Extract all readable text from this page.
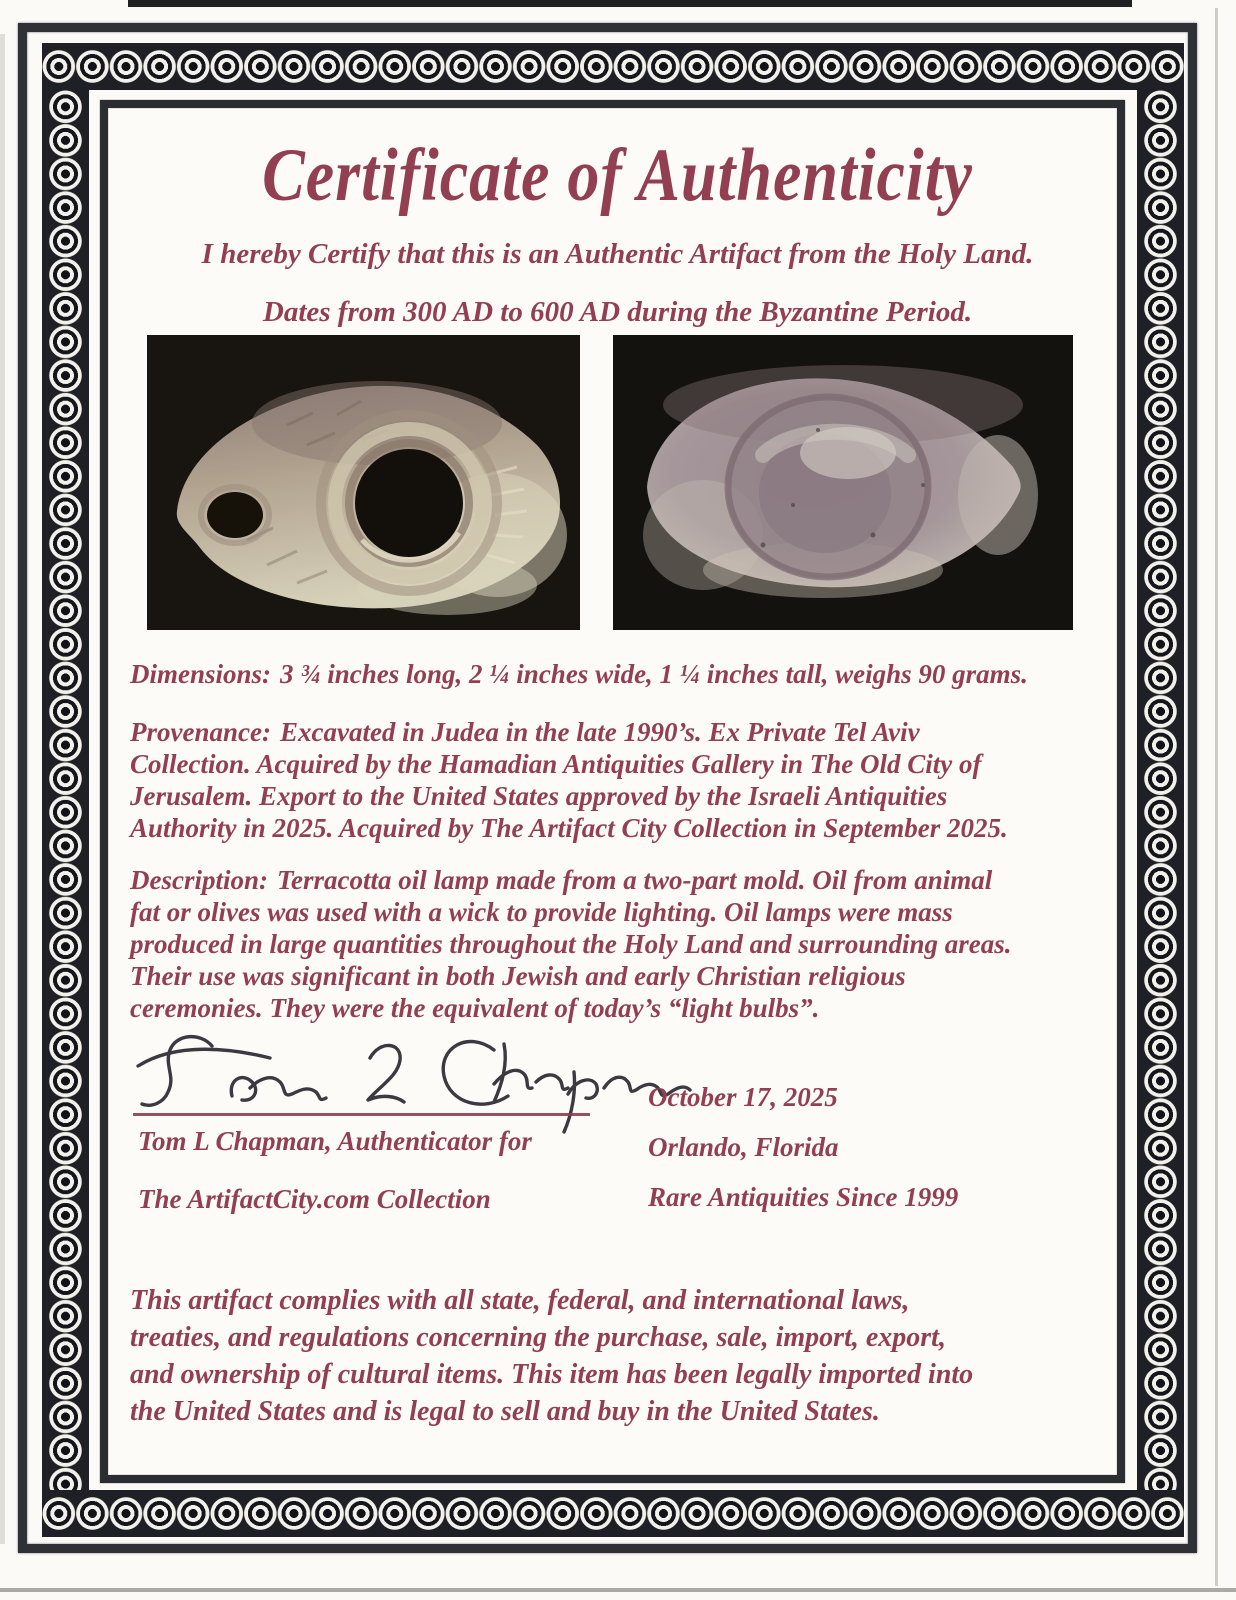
Certificate of Authenticity
I hereby Certify that this is an Authentic Artifact from the Holy Land.
Dates from 300 AD to 600 AD during the Byzantine Period.
Dimensions: 3 ¾ inches long, 2 ¼ inches wide, 1 ¼ inches tall, weighs 90 grams.
Provenance: Excavated in Judea in the late 1990’s. Ex Private Tel Aviv
Collection. Acquired by the Hamadian Antiquities Gallery in The Old City of
Jerusalem. Export to the United States approved by the Israeli Antiquities
Authority in 2025. Acquired by The Artifact City Collection in September 2025.
Description: Terracotta oil lamp made from a two-part mold. Oil from animal
fat or olives was used with a wick to provide lighting. Oil lamps were mass
produced in large quantities throughout the Holy Land and surrounding areas.
Their use was significant in both Jewish and early Christian religious
ceremonies. They were the equivalent of today’s “light bulbs”.
October 17, 2025
Tom L Chapman, Authenticator for	Orlando, Florida
The ArtifactCity.com Collection	Rare Antiquities Since 1999
This artifact complies with all state, federal, and international laws,
treaties, and regulations concerning the purchase, sale, import, export,
and ownership of cultural items. This item has been legally imported into
the United States and is legal to sell and buy in the United States.
